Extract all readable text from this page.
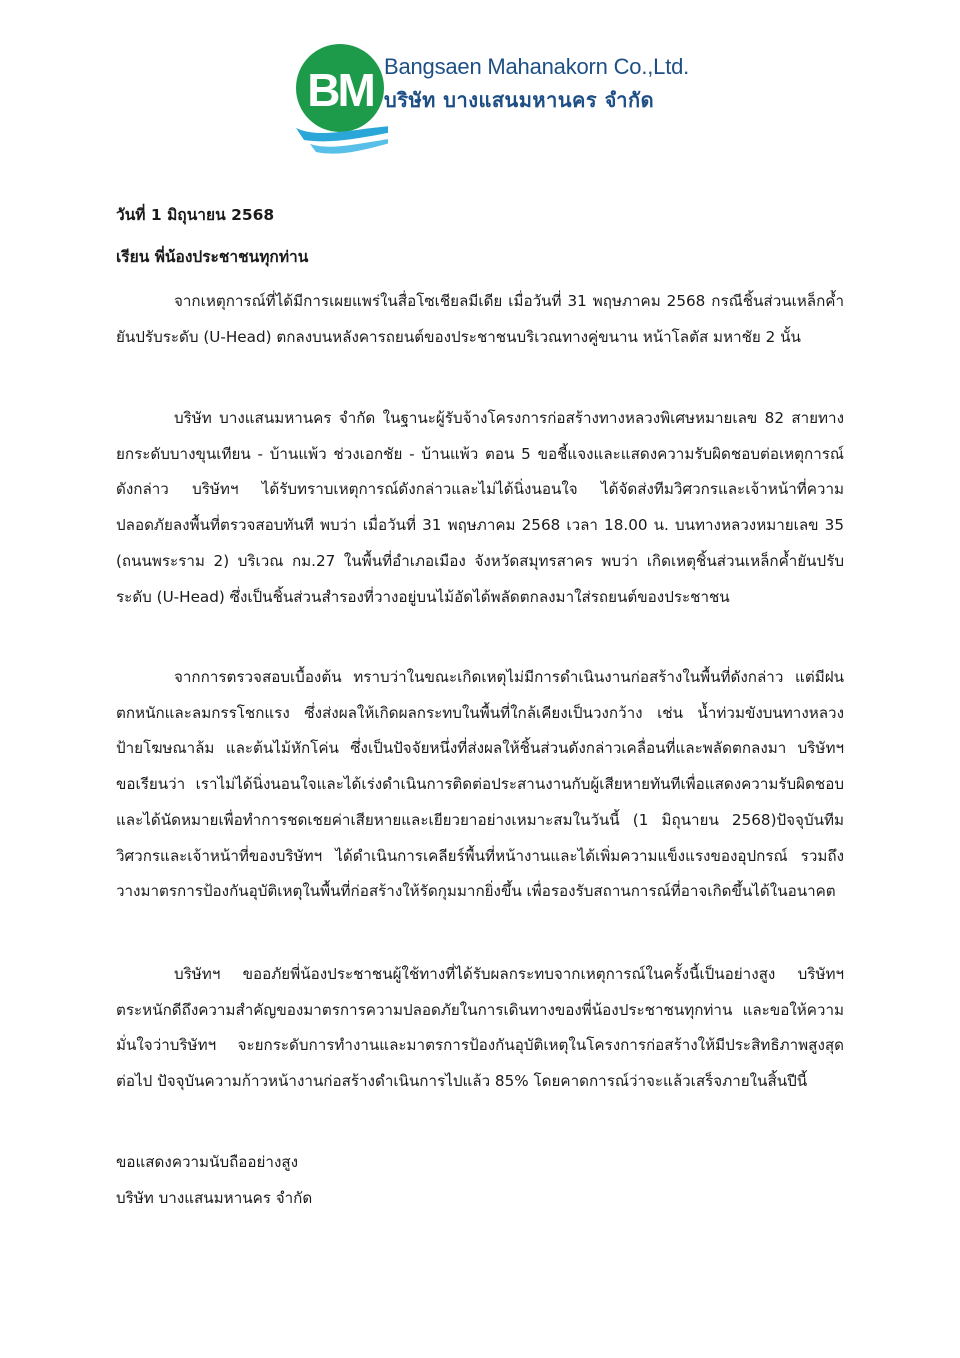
BM Bangsaen Mahanakorn Co.,Ltd.
บริษัท บางแสนมหานคร จำกัด
วันที่ 1 มิถุนายน 2568
เรียน พี่น้องประชาชนทุกท่าน

จากเหตุการณ์ที่ได้มีการเผยแพร่ในสื่อโซเชียลมีเดีย เมื่อวันที่ 31 พฤษภาคม 2568 กรณีชิ้นส่วนเหล็กค้ำยันปรับระดับ (U-Head) ตกลงบนหลังคารถยนต์ของประชาชนบริเวณทางคู่ขนาน หน้าโลตัส มหาชัย 2 นั้น

บริษัท บางแสนมหานคร จำกัด ในฐานะผู้รับจ้างโครงการก่อสร้างทางหลวงพิเศษหมายเลข 82 สายทางยกระดับบางขุนเทียน - บ้านแพ้ว ช่วงเอกชัย - บ้านแพ้ว ตอน 5 ขอชี้แจงและแสดงความรับผิดชอบต่อเหตุการณ์ดังกล่าว บริษัทฯ ได้รับทราบเหตุการณ์ดังกล่าวและไม่ได้นิ่งนอนใจ ได้จัดส่งทีมวิศวกรและเจ้าหน้าที่ความปลอดภัยลงพื้นที่ตรวจสอบทันที พบว่า เมื่อวันที่ 31 พฤษภาคม 2568 เวลา 18.00 น. บนทางหลวงหมายเลข 35 (ถนนพระราม 2) บริเวณ กม.27 ในพื้นที่อำเภอเมือง จังหวัดสมุทรสาคร พบว่า เกิดเหตุชิ้นส่วนเหล็กค้ำยันปรับระดับ (U-Head) ซึ่งเป็นชิ้นส่วนสำรองที่วางอยู่บนไม้อัดได้พลัดตกลงมาใส่รถยนต์ของประชาชน

จากการตรวจสอบเบื้องต้น ทราบว่าในขณะเกิดเหตุไม่มีการดำเนินงานก่อสร้างในพื้นที่ดังกล่าว แต่มีฝนตกหนักและลมกรรโชกแรง ซึ่งส่งผลให้เกิดผลกระทบในพื้นที่ใกล้เคียงเป็นวงกว้าง เช่น น้ำท่วมขังบนทางหลวง ป้ายโฆษณาล้ม และต้นไม้หักโค่น ซึ่งเป็นปัจจัยหนึ่งที่ส่งผลให้ชิ้นส่วนดังกล่าวเคลื่อนที่และพลัดตกลงมา บริษัทฯ ขอเรียนว่า เราไม่ได้นิ่งนอนใจและได้เร่งดำเนินการติดต่อประสานงานกับผู้เสียหายทันทีเพื่อแสดงความรับผิดชอบ และได้นัดหมายเพื่อทำการชดเชยค่าเสียหายและเยียวยาอย่างเหมาะสมในวันนี้ (1 มิถุนายน 2568)ปัจจุบันทีมวิศวกรและเจ้าหน้าที่ของบริษัทฯ ได้ดำเนินการเคลียร์พื้นที่หน้างานและได้เพิ่มความแข็งแรงของอุปกรณ์ รวมถึงวางมาตรการป้องกันอุบัติเหตุในพื้นที่ก่อสร้างให้รัดกุมมากยิ่งขึ้น เพื่อรองรับสถานการณ์ที่อาจเกิดขึ้นได้ในอนาคต

บริษัทฯ ขออภัยพี่น้องประชาชนผู้ใช้ทางที่ได้รับผลกระทบจากเหตุการณ์ในครั้งนี้เป็นอย่างสูง บริษัทฯ ตระหนักดีถึงความสำคัญของมาตรการความปลอดภัยในการเดินทางของพี่น้องประชาชนทุกท่าน และขอให้ความมั่นใจว่าบริษัทฯ จะยกระดับการทำงานและมาตรการป้องกันอุบัติเหตุในโครงการก่อสร้างให้มีประสิทธิภาพสูงสุดต่อไป ปัจจุบันความก้าวหน้างานก่อสร้างดำเนินการไปแล้ว 85% โดยคาดการณ์ว่าจะแล้วเสร็จภายในสิ้นปีนี้

ขอแสดงความนับถืออย่างสูง

บริษัท บางแสนมหานคร จำกัด
